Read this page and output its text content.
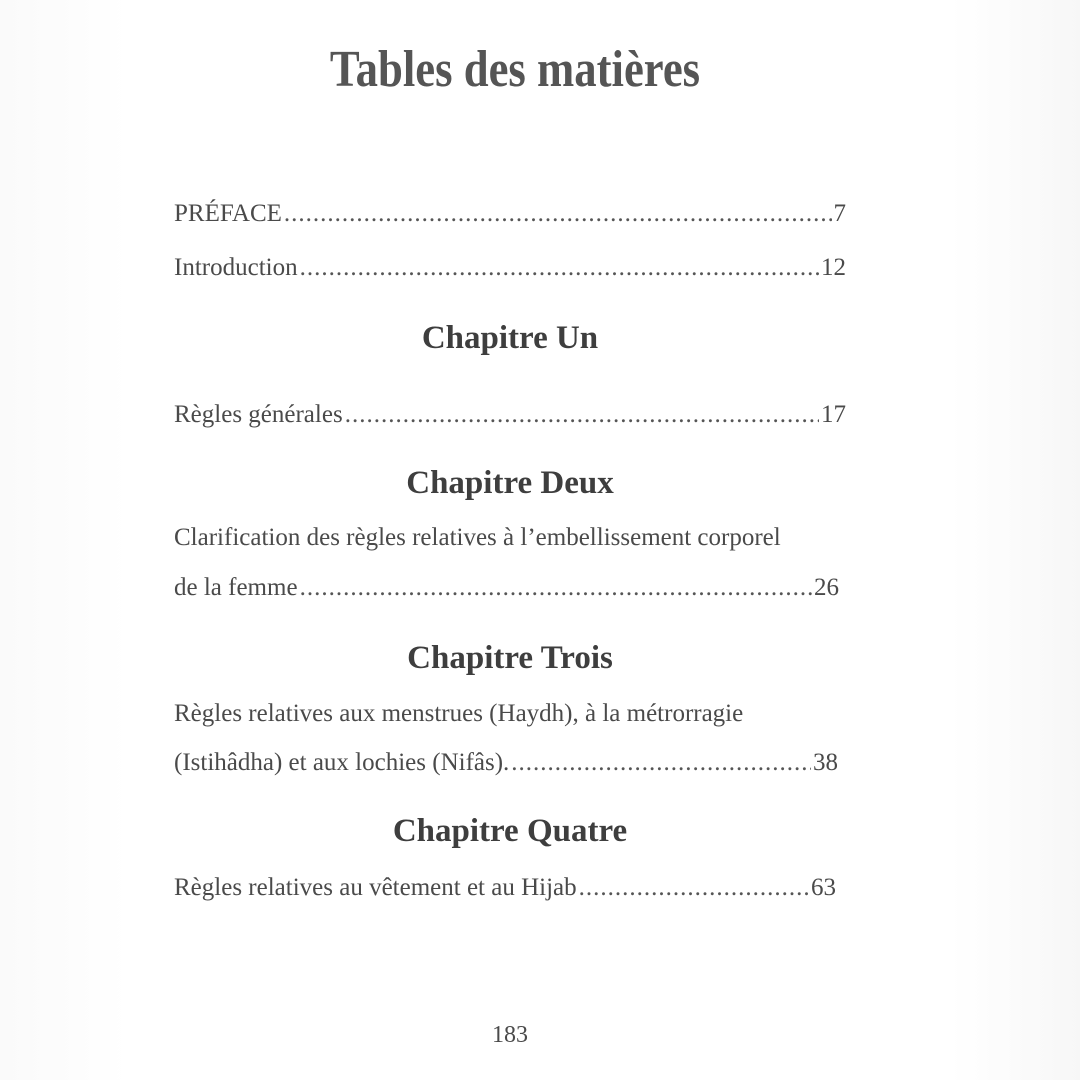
Tables des matières
PRÉFACE .....	7
Introduction .....	12
Chapitre Un
Règles générales .....	17
Chapitre Deux
Clarification des règles relatives à l’embellissement corporel
de la femme .....	26
Chapitre Trois
Règles relatives aux menstrues (Haydh), à la métrorragie
(Istihâdha) et aux lochies (Nifâs). .....	38
Chapitre Quatre
Règles relatives au vêtement et au Hijab .....	63
183
